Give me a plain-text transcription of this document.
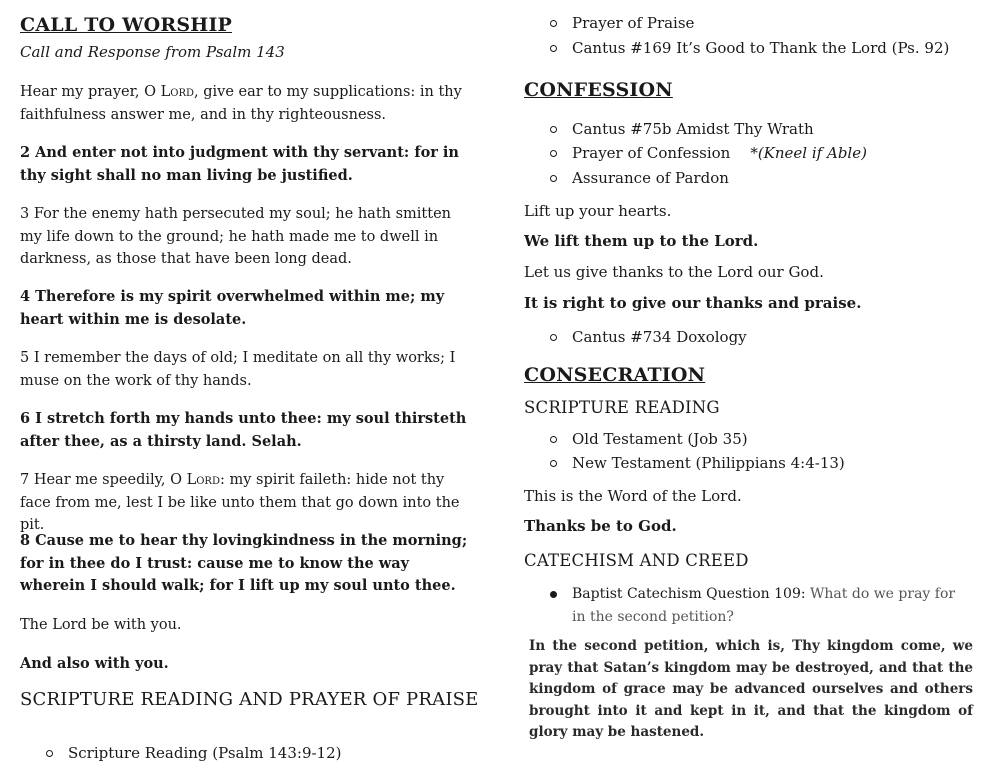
CALL TO WORSHIP

Call and Response from Psalm 143

Hear my prayer, O Lord, give ear to my supplications: in thy faithfulness answer me, and in thy righteousness.

2 And enter not into judgment with thy servant: for in thy sight shall no man living be justified.

3 For the enemy hath persecuted my soul; he hath smitten my life down to the ground; he hath made me to dwell in darkness, as those that have been long dead.

4 Therefore is my spirit overwhelmed within me; my heart within me is desolate.

5 I remember the days of old; I meditate on all thy works; I muse on the work of thy hands.

6 I stretch forth my hands unto thee: my soul thirsteth after thee, as a thirsty land. Selah.

7 Hear me speedily, O Lord: my spirit faileth: hide not thy face from me, lest I be like unto them that go down into the pit.

8 Cause me to hear thy lovingkindness in the morning; for in thee do I trust: cause me to know the way wherein I should walk; for I lift up my soul unto thee.

The Lord be with you.

And also with you.

SCRIPTURE READING AND PRAYER OF PRAISE
Scripture Reading (Psalm 143:9-12)
Prayer of Praise
Cantus #169 It’s Good to Thank the Lord (Ps. 92)
CONFESSION
Cantus #75b Amidst Thy Wrath
Prayer of Confession *(Kneel if Able)
Assurance of Pardon

Lift up your hearts.

We lift them up to the Lord.

Let us give thanks to the Lord our God.

It is right to give our thanks and praise.

Cantus #734 Doxology
CONSECRATION
SCRIPTURE READING
Old Testament (Job 35)
New Testament (Philippians 4:4-13)

This is the Word of the Lord.

Thanks be to God.

CATECHISM AND CREED

Baptist Catechism Question 109: What do we pray for in the second petition?

In the second petition, which is, Thy kingdom come, we pray that Satan’s kingdom may be destroyed, and that the kingdom of grace may be advanced ourselves and others brought into it and kept in it, and that the kingdom of glory may be hastened.
